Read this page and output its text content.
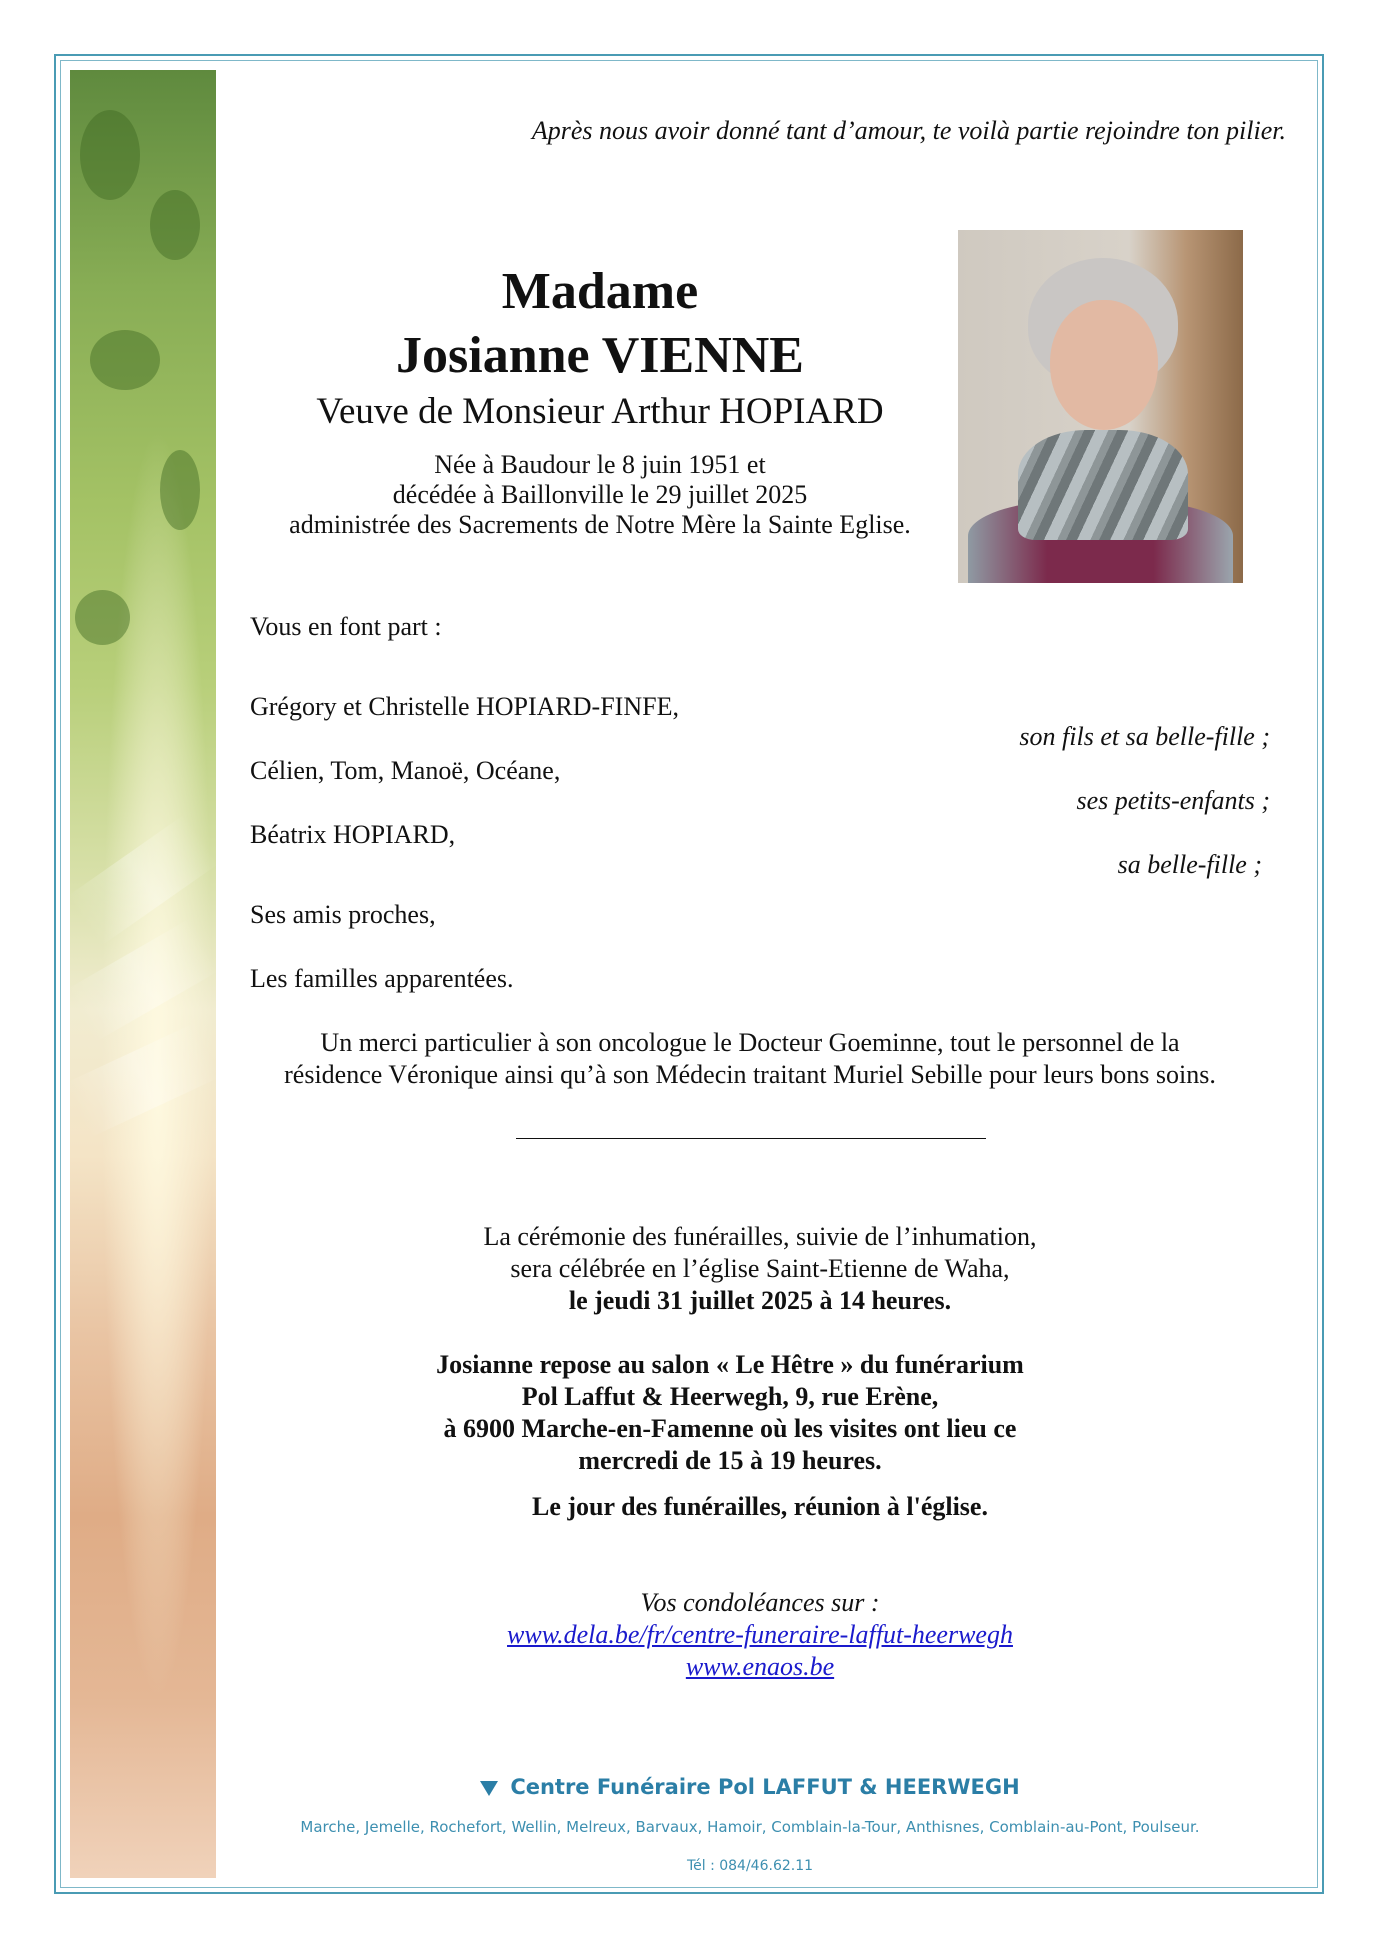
Après nous avoir donné tant d’amour, te voilà partie rejoindre ton pilier.
Madame
Josianne VIENNE
Veuve de Monsieur Arthur HOPIARD
Née à Baudour le 8 juin 1951 et
décédée à Baillonville le 29 juillet 2025
administrée des Sacrements de Notre Mère la Sainte Eglise.
Vous en font part :
Grégory et Christelle HOPIARD-FINFE,
son fils et sa belle-fille ;
Célien, Tom, Manoë, Océane,
ses petits-enfants ;
Béatrix HOPIARD,
sa belle-fille ;
Ses amis proches,
Les familles apparentées.
Un merci particulier à son oncologue le Docteur Goeminne, tout le personnel de la
résidence Véronique ainsi qu’à son Médecin traitant Muriel Sebille pour leurs bons soins.
La cérémonie des funérailles, suivie de l’inhumation,
sera célébrée en l’église Saint-Etienne de Waha,
le jeudi 31 juillet 2025 à 14 heures.
Josianne repose au salon « Le Hêtre » du funérarium
Pol Laffut & Heerwegh, 9, rue Erène,
à 6900 Marche-en-Famenne où les visites ont lieu ce
mercredi de 15 à 19 heures.
Le jour des funérailles, réunion à l'église.
Vos condoléances sur :
www.dela.be/fr/centre-funeraire-laffut-heerwegh
www.enaos.be
Centre Funéraire Pol LAFFUT & HEERWEGH
Marche, Jemelle, Rochefort, Wellin, Melreux, Barvaux, Hamoir, Comblain-la-Tour, Anthisnes, Comblain-au-Pont, Poulseur.
Tél : 084/46.62.11
